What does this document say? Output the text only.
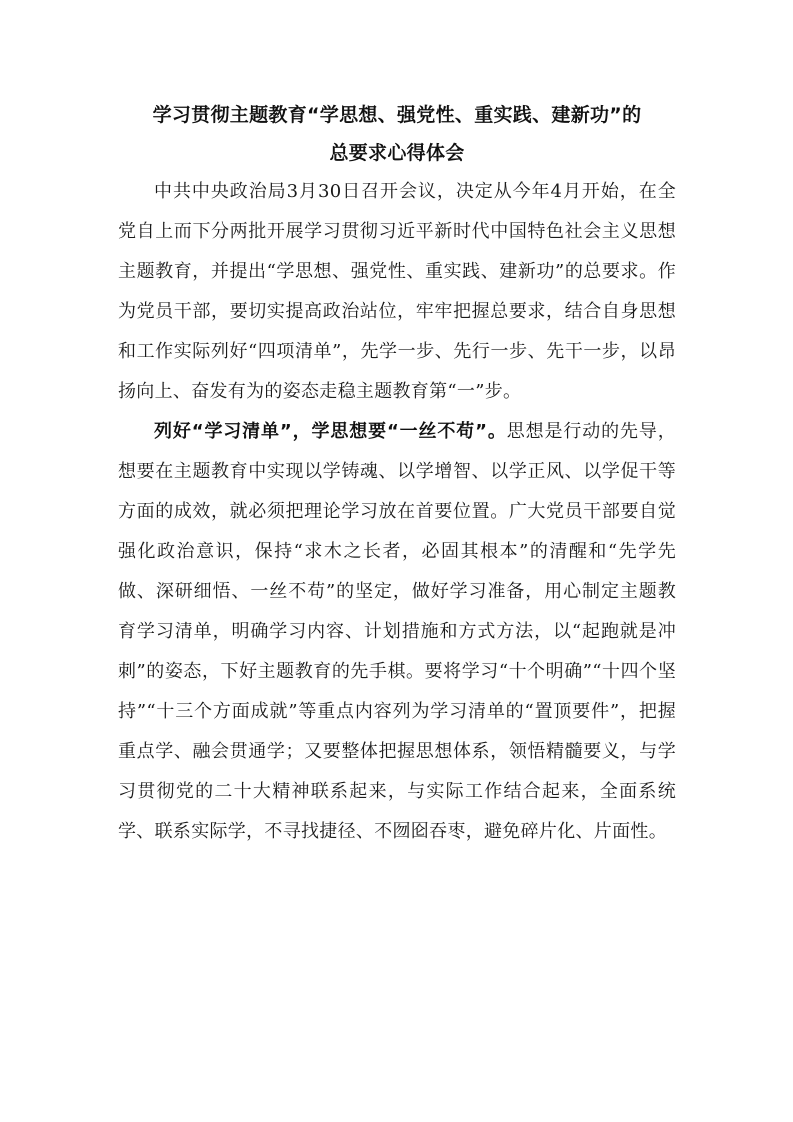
学习贯彻主题教育“学思想、强党性、重实践、建新功”的
总要求心得体会

中共中央政治局3月30日召开会议，决定从今年4月开始，在全党自上而下分两批开展学习贯彻习近平新时代中国特色社会主义思想主题教育，并提出“学思想、强党性、重实践、建新功”的总要求。作为党员干部，要切实提高政治站位，牢牢把握总要求，结合自身思想和工作实际列好“四项清单”，先学一步、先行一步、先干一步，以昂扬向上、奋发有为的姿态走稳主题教育第“一”步。

列好“学习清单”，学思想要“一丝不苟”。思想是行动的先导，想要在主题教育中实现以学铸魂、以学增智、以学正风、以学促干等方面的成效，就必须把理论学习放在首要位置。广大党员干部要自觉强化政治意识，保持“求木之长者，必固其根本”的清醒和“先学先做、深研细悟、一丝不苟”的坚定，做好学习准备，用心制定主题教育学习清单，明确学习内容、计划措施和方式方法，以“起跑就是冲刺”的姿态，下好主题教育的先手棋。要将学习“十个明确”“十四个坚持”“十三个方面成就”等重点内容列为学习清单的“置顶要件”，把握重点学、融会贯通学；又要整体把握思想体系，领悟精髓要义，与学习贯彻党的二十大精神联系起来，与实际工作结合起来，全面系统学、联系实际学，不寻找捷径、不囫囵吞枣，避免碎片化、片面性。
